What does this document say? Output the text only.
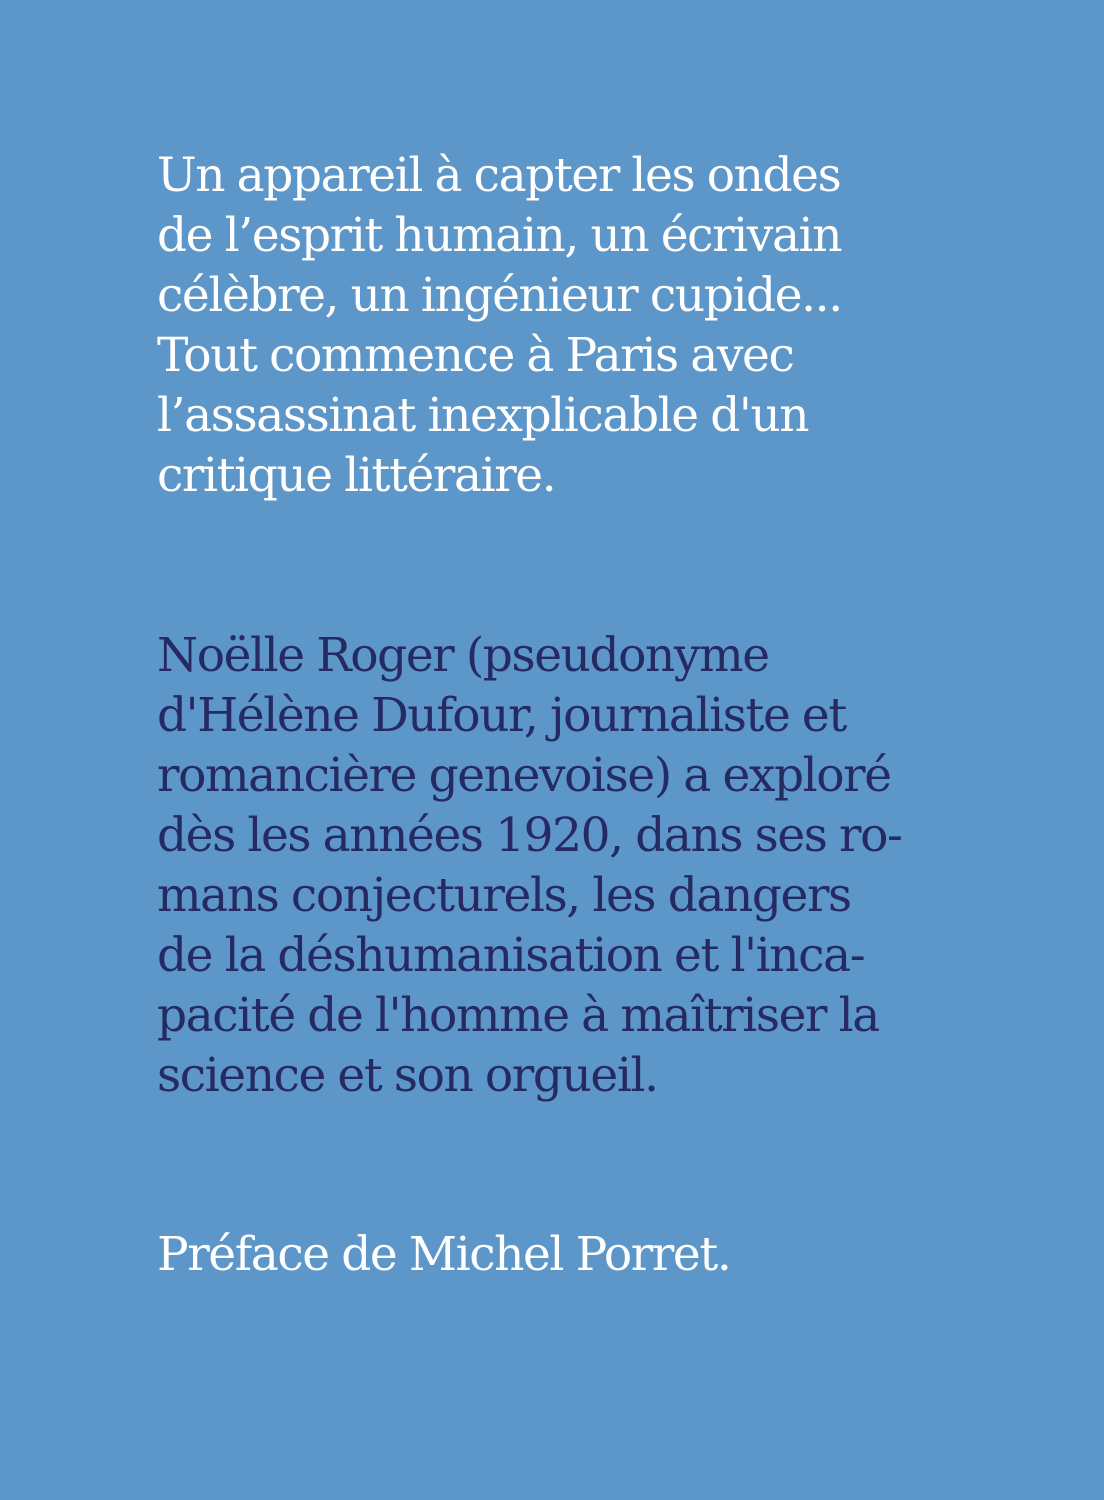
Un appareil à capter les ondes
de l’esprit humain, un écrivain
célèbre, un ingénieur cupide...
Tout commence à Paris avec
l’assassinat inexplicable d'un
critique littéraire.

Noëlle Roger (pseudonyme
d'Hélène Dufour, journaliste et
romancière genevoise) a exploré
dès les années 1920, dans ses ro-
mans conjecturels, les dangers
de la déshumanisation et l'inca-
pacité de l'homme à maîtriser la
science et son orgueil.

Préface de Michel Porret.
